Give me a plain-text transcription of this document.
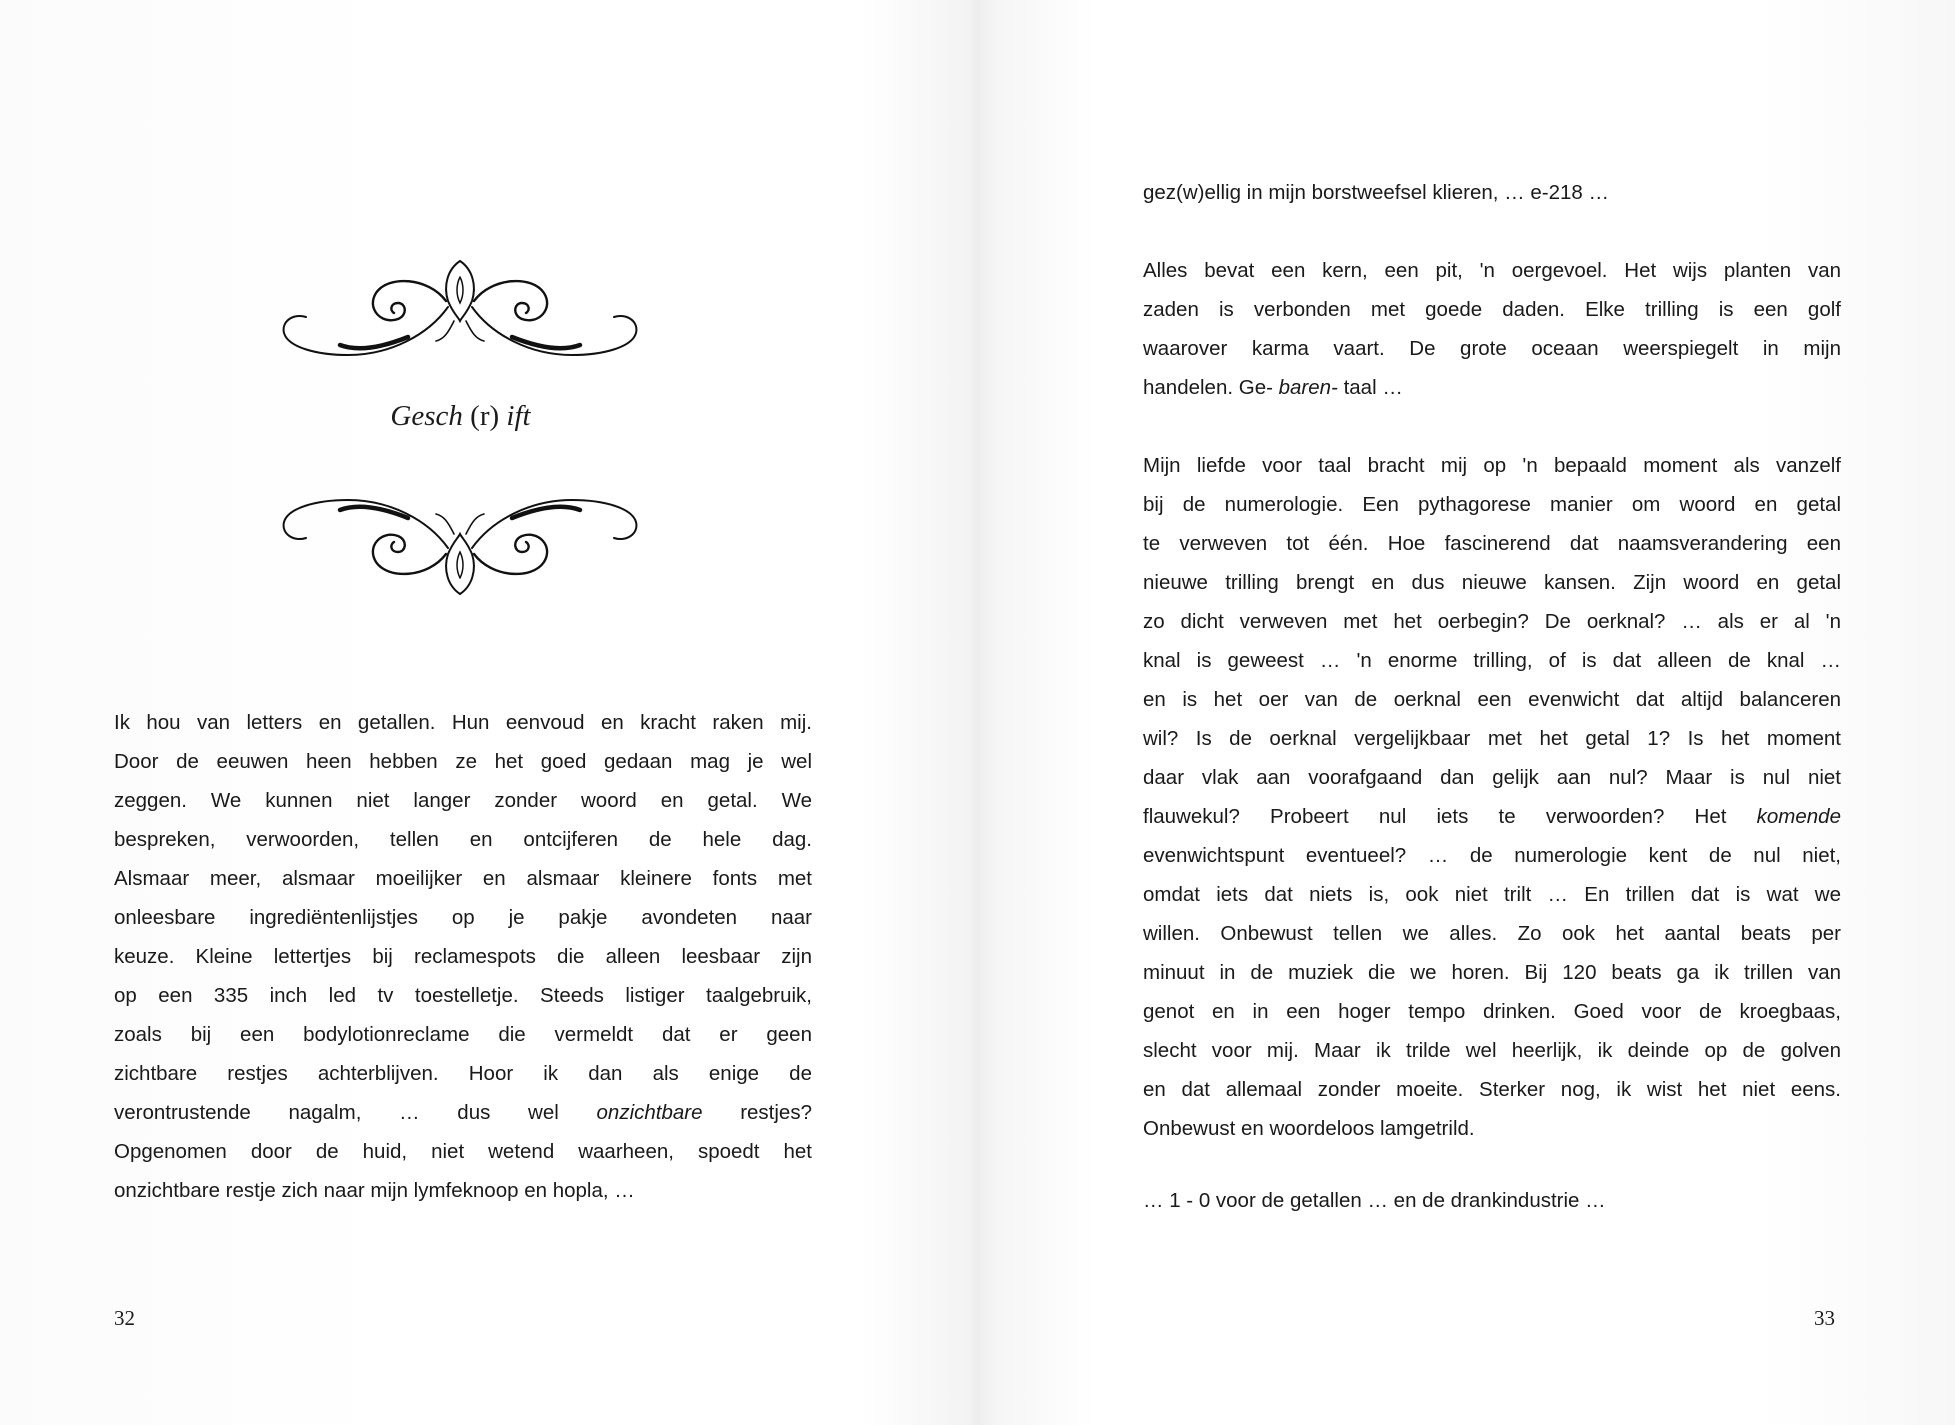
Gesch (r) ift

Ik hou van letters en getallen. Hun eenvoud en kracht raken mij.
Door de eeuwen heen hebben ze het goed gedaan mag je wel
zeggen. We kunnen niet langer zonder woord en getal. We
bespreken, verwoorden, tellen en ontcijferen de hele dag.
Alsmaar meer, alsmaar moeilijker en alsmaar kleinere fonts met
onleesbare ingrediëntenlijstjes op je pakje avondeten naar
keuze. Kleine lettertjes bij reclamespots die alleen leesbaar zijn
op een 335 inch led tv toestelletje. Steeds listiger taalgebruik,
zoals bij een bodylotionreclame die vermeldt dat er geen
zichtbare restjes achterblijven. Hoor ik dan als enige de
verontrustende nagalm, … dus wel onzichtbare restjes?
Opgenomen door de huid, niet wetend waarheen, spoedt het
onzichtbare restje zich naar mijn lymfeknoop en hopla, …

32

gez(w)ellig in mijn borstweefsel klieren, … e-218 …

Alles bevat een kern, een pit, 'n oergevoel. Het wijs planten van
zaden is verbonden met goede daden. Elke trilling is een golf
waarover karma vaart. De grote oceaan weerspiegelt in mijn
handelen. Ge- baren- taal …

Mijn liefde voor taal bracht mij op 'n bepaald moment als vanzelf
bij de numerologie. Een pythagorese manier om woord en getal
te verweven tot één. Hoe fascinerend dat naamsverandering een
nieuwe trilling brengt en dus nieuwe kansen. Zijn woord en getal
zo dicht verweven met het oerbegin? De oerknal? … als er al 'n
knal is geweest … 'n enorme trilling, of is dat alleen de knal …
en is het oer van de oerknal een evenwicht dat altijd balanceren
wil? Is de oerknal vergelijkbaar met het getal 1? Is het moment
daar vlak aan voorafgaand dan gelijk aan nul? Maar is nul niet
flauwekul? Probeert nul iets te verwoorden? Het komende
evenwichtspunt eventueel? … de numerologie kent de nul niet,
omdat iets dat niets is, ook niet trilt … En trillen dat is wat we
willen. Onbewust tellen we alles. Zo ook het aantal beats per
minuut in de muziek die we horen. Bij 120 beats ga ik trillen van
genot en in een hoger tempo drinken. Goed voor de kroegbaas,
slecht voor mij. Maar ik trilde wel heerlijk, ik deinde op de golven
en dat allemaal zonder moeite. Sterker nog, ik wist het niet eens.
Onbewust en woordeloos lamgetrild.

… 1 - 0 voor de getallen … en de drankindustrie …

33
